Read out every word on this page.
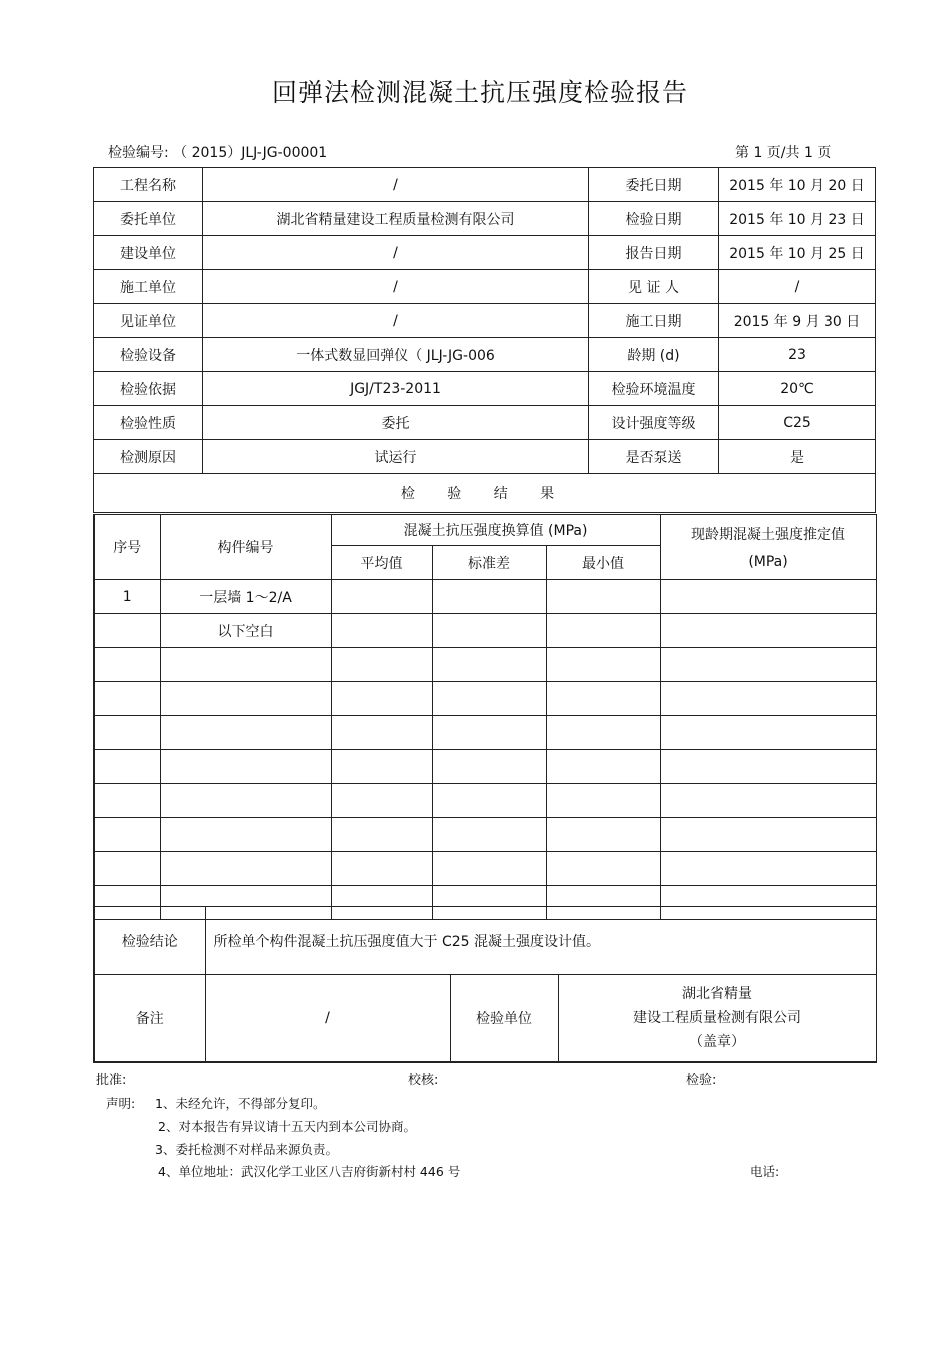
回弹法检测混凝土抗压强度检验报告
检验编号: （ 2015）JLJ-JG-00001	第 1 页/共 1 页
工程名称	/	委托日期	2015 年 10 月 20 日
委托单位	湖北省精量建设工程质量检测有限公司	检验日期	2015 年 10 月 23 日
建设单位	/	报告日期	2015 年 10 月 25 日
施工单位	/	见 证 人	/
见证单位	/	施工日期	2015 年 9 月 30 日
检验设备	一体式数显回弹仪（ JLJ-JG-006	龄期 (d)	23
检验依据	JGJ/T23-2011	检验环境温度	20℃
检验性质	委托	设计强度等级	C25
检测原因	试运行	是否泵送	是
检 验 结 果			
序号	构件编号	混凝土抗压强度换算值 (MPa)			现龄期混凝土强度推定值
(MPa)

		平均值	标准差	最小值	
1	一层墙 1～2/A				
	以下空白				

检验结论	所检单个构件混凝土抗压强度值大于 C25 混凝土强度设计值。		
备注	/	检验单位	湖北省精量
建设工程质量检测有限公司
（盖章）
批准:	校核:	检验:
声明: 1、未经允许，不得部分复印。
2、对本报告有异议请十五天内到本公司协商。
3、委托检测不对样品来源负责。
4、单位地址：武汉化学工业区八吉府街新村村 446 号	电话:
